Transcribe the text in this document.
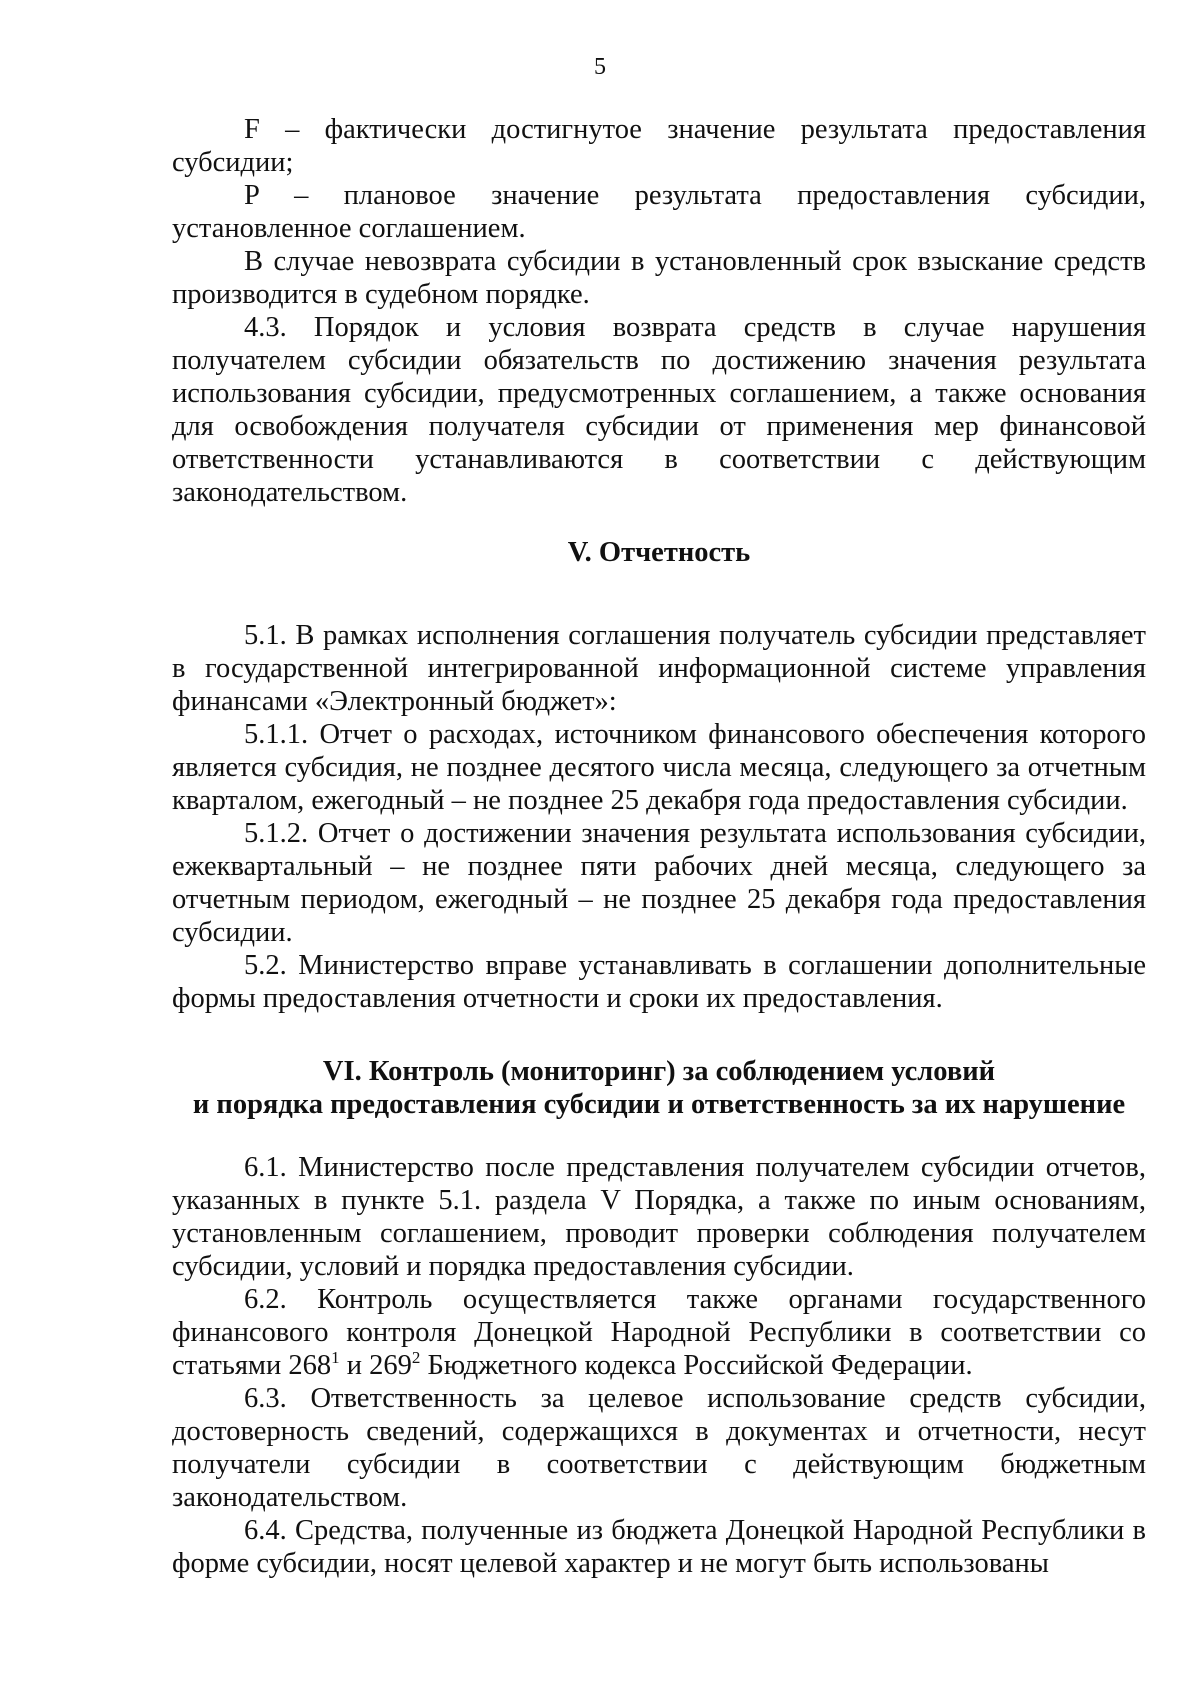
5

F – фактически достигнутое значение результата предоставления субсидии;

P – плановое значение результата предоставления субсидии, установленное соглашением.

В случае невозврата субсидии в установленный срок взыскание средств производится в судебном порядке.

4.3. Порядок и условия возврата средств в случае нарушения получателем субсидии обязательств по достижению значения результата использования субсидии, предусмотренных соглашением, а также основания для освобождения получателя субсидии от применения мер финансовой ответственности устанавливаются в соответствии с действующим законодательством.

V. Отчетность

5.1. В рамках исполнения соглашения получатель субсидии представляет в государственной интегрированной информационной системе управления финансами «Электронный бюджет»:

5.1.1. Отчет о расходах, источником финансового обеспечения которого является субсидия, не позднее десятого числа месяца, следующего за отчетным кварталом, ежегодный – не позднее 25 декабря года предоставления субсидии.

5.1.2. Отчет о достижении значения результата использования субсидии, ежеквартальный – не позднее пяти рабочих дней месяца, следующего за отчетным периодом, ежегодный – не позднее 25 декабря года предоставления субсидии.

5.2. Министерство вправе устанавливать в соглашении дополнительные формы предоставления отчетности и сроки их предоставления.

VI. Контроль (мониторинг) за соблюдением условий
и порядка предоставления субсидии и ответственность за их нарушение

6.1. Министерство после представления получателем субсидии отчетов, указанных в пункте 5.1. раздела V Порядка, а также по иным основаниям, установленным соглашением, проводит проверки соблюдения получателем субсидии, условий и порядка предоставления субсидии.

6.2. Контроль осуществляется также органами государственного финансового контроля Донецкой Народной Республики в соответствии со статьями $268^1$ и $269^2$ Бюджетного кодекса Российской Федерации.

6.3. Ответственность за целевое использование средств субсидии, достоверность сведений, содержащихся в документах и отчетности, несут получатели субсидии в соответствии с действующим бюджетным законодательством.

6.4. Средства, полученные из бюджета Донецкой Народной Республики в форме субсидии, носят целевой характер и не могут быть использованы
